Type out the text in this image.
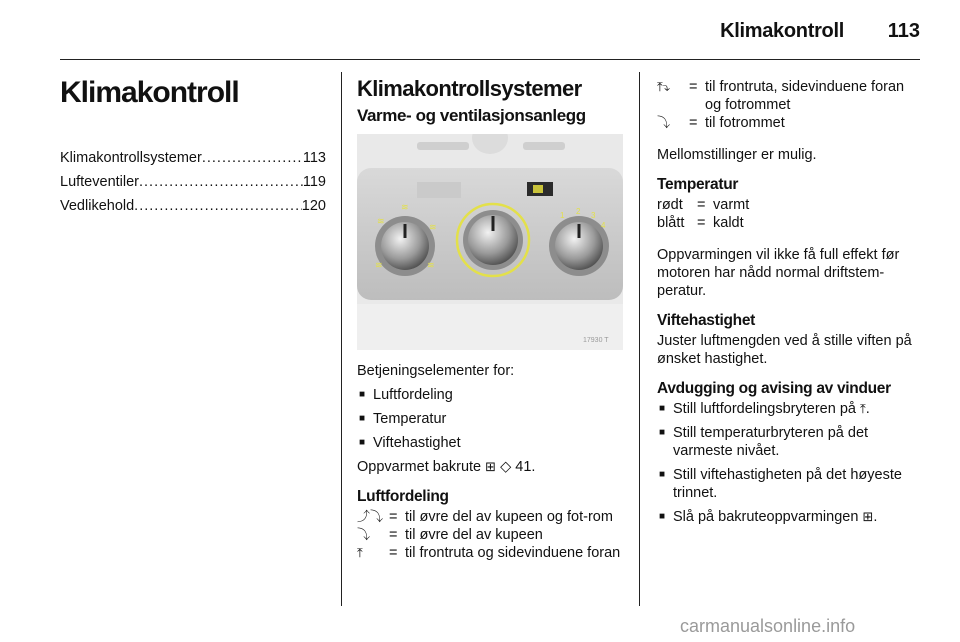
Klimakontroll 113
Klimakontroll
Klimakontrollsystemer .....	113
Lufteventiler .....	119
Vedlikehold .....	120
Klimakontrollsystemer
Varme- og ventilasjonsanlegg
1 2 3
4
≋
≋
≋
≋	≋
17930 T

Betjeningselementer for:

■ Luftfordeling
■ Temperatur
■ Viftehastighet

Oppvarmet bakrute ⊞ ◇ 41.

Luftfordeling
⤴⤵ = til øvre del av kupeen og fot-rom
⤵	= til øvre del av kupeen
⤒	= til frontruta og sidevinduene foran
⤒⤵	= til frontruta, sidevinduene foran og fotrommet
⤵	= til fotrommet

Mellomstillinger er mulig.

Temperatur
rødt = varmt
blått = kaldt

Oppvarmingen vil ikke få full effekt før motoren har nådd normal driftstem-peratur.

Viftehastighet

Juster luftmengden ved å stille viften på ønsket hastighet.

Avdugging og avising av vinduer
■ Still luftfordelingsbryteren på ⤒.
■ Still temperaturbryteren på det varmeste nivået.
■ Still viftehastigheten på det høyeste trinnet.
■ Slå på bakruteoppvarmingen ⊞.
carmanualsonline.info
